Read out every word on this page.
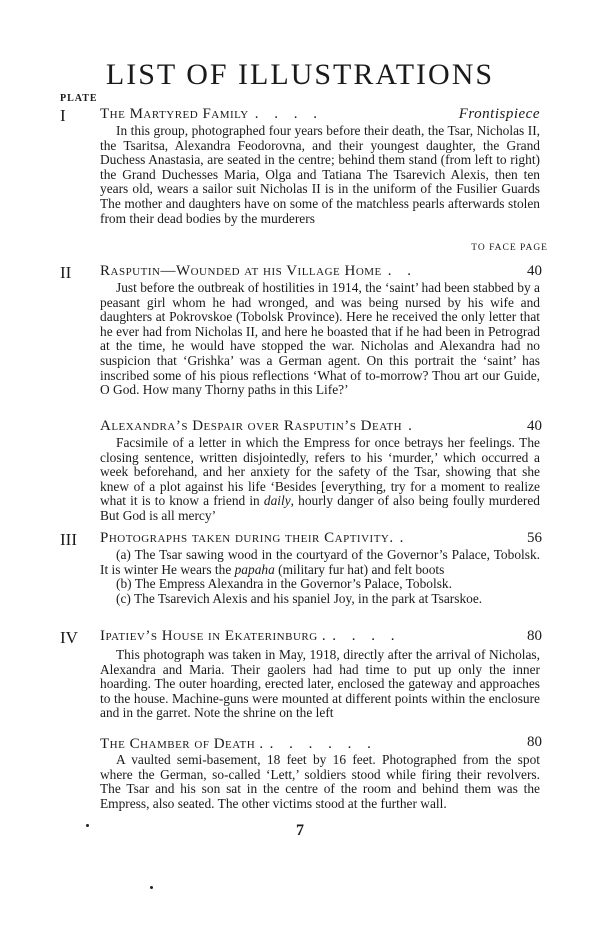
LIST OF ILLUSTRATIONS
PLATE
I The Martyred Family . . . .	Frontispiece

In this group, photographed four years before their death, the Tsar, Nicholas II, the Tsaritsa, Alexandra Feodorovna, and their youngest daughter, the Grand Duchess Anastasia, are seated in the centre; behind them stand (from left to right) the Grand Duchesses Maria, Olga and Tatiana The Tsarevich Alexis, then ten years old, wears a sailor suit Nicholas II is in the uniform of the Fusilier Guards The mother and daughters have on some of the matchless pearls afterwards stolen from their dead bodies by the murderers

TO FACE PAGE
II Rasputin—Wounded at his Village Home . .	40

Just before the outbreak of hostilities in 1914, the ‘saint’ had been stabbed by a peasant girl whom he had wronged, and was being nursed by his wife and daughters at Pokrovskoe (Tobolsk Province). Here he received the only letter that he ever had from Nicholas II, and here he boasted that if he had been in Petrograd at the time, he would have stopped the war. Nicholas and Alexandra had no suspicion that ‘Grishka’ was a German agent. On this portrait the ‘saint’ has inscribed some of his pious reflections ‘What of to-morrow? Thou art our Guide, O God. How many Thorny paths in this Life?’

Alexandra’s Despair over Rasputin’s Death .	40

Facsimile of a letter in which the Empress for once betrays her feelings. The closing sentence, written disjointedly, refers to his ‘murder,’ which occurred a week beforehand, and her anxiety for the safety of the Tsar, showing that she knew of a plot against his life ‘Besides [everything, try for a moment to realize what it is to know a friend in daily, hourly danger of also being foully murdered But God is all mercy’

III Photographs taken during their Captivity. .	56

(a) The Tsar sawing wood in the courtyard of the Governor’s Palace, Tobolsk. It is winter He wears the papaha (military fur hat) and felt boots

(b) The Empress Alexandra in the Governor’s Palace, Tobolsk.

(c) The Tsarevich Alexis and his spaniel Joy, in the park at Tsarskoe.

IV Ipatiev’s House in Ekaterinburg . . . . .	80

This photograph was taken in May, 1918, directly after the arrival of Nicholas, Alexandra and Maria. Their gaolers had had time to put up only the inner hoarding. The outer hoarding, erected later, enclosed the gateway and approaches to the house. Machine-guns were mounted at different points within the enclosure and in the garret. Note the shrine on the left

The Chamber of Death . . . . . . .	80

A vaulted semi-basement, 18 feet by 16 feet. Photographed from the spot where the German, so-called ‘Lett,’ soldiers stood while firing their revolvers. The Tsar and his son sat in the centre of the room and behind them was the Empress, also seated. The other victims stood at the further wall.

7
